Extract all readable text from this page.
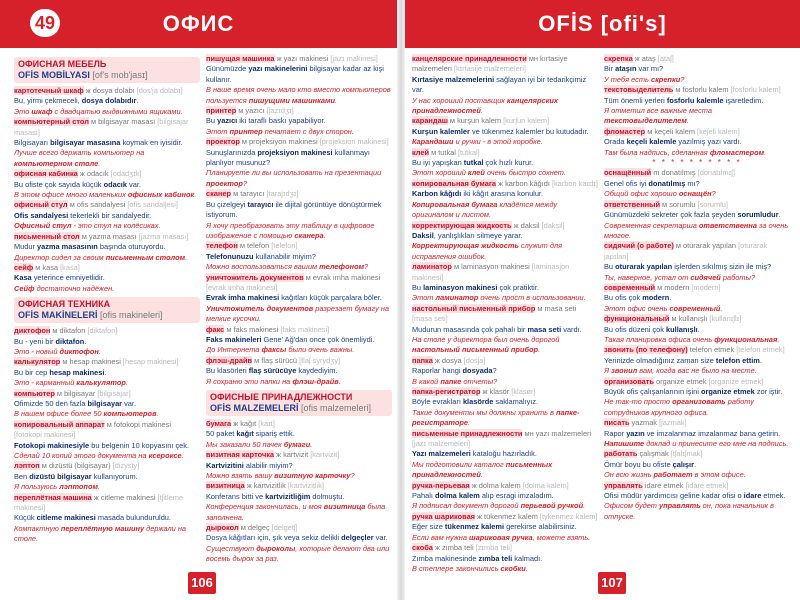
49	ОФИС	OFİS [ofi's]
ОФИСНАЯ МЕБЕЛЬ
OFİS MOBİLYASI [of's mob'jasɪ]
картотечный шкаф ж dosya dolabı [dos'ja dolabɪ]
Bu, yirmi çekmeceli, dosya dolabıdır.
Это шкаф с двадцатью выдвижными ящиками.
компьютерный стол м bilgisayar masası [bilgisajar masası]
Bilgisayarı bilgisayar masasına koymak en iyisidir.
Лучше всего держать компьютер на компьютерном столе.
офисная кабинка ж odacık [odadʒɪk]
Bu ofiste çok sayıda küçük odacık var.
В этом офисе много маленьких офисных кабинок.
офисный стул м ofis sandalyesi [ofis sandaljesi]
Ofis sandalyesi tekerlekli bir sandalyedir.
Офисный стул - это стул на колёсиках.
письменный стол м yazma masası [jazma masası]
Mudur yazma masasının başında oturuyordu.
Директор сидел за своим письменным столом.
сейф м kasa [kasa]
Kasa yeterince emniyetlidir.
Сейф достаточно надёжен.
ОФИСНАЯ ТЕХНИКА
OFİS MAKİNELERİ [ofis makineleri]
диктофон м diktafon [diktafon]
Bu - yeni bir diktafon.
Это - новый диктофон.
калькулятор м hesap makinesi [hesap makinesi]
Bu bir cep hesap makinesi.
Это - карманный калькулятор.
компьютер м bilgisayar [bilgisajar]
Ofimizde 50 den fazla bilgisayar var.
В нашем офисе более 50 компьютеров.
копировальный аппарат м fotokopi makinesi [fotokopi makinesi]
Fotokopi makinesiyle bu belgenin 10 kopyasını çek.
Сделай 10 копий этого документа на ксероксе.
лэптоп м dizüstü (bilgisayar) [dizysty]
Ben dizüstü bilgisayar kullanıyorum.
Я пользуюсь лэптопом.
переплётная машина ж citleme makinesi [tʃitleme makinesi]
Küçük citleme makinesi masada bulunduruldu.
Компактную переплётную машину держали на столе.
пишущая машинка ж yazı makinesi [jazɪ makinesi]
Günümüzde yazı makinelerini bilgisayar kadar az kişi kullanır.
В наше время очень мало кто вместо компьютеров пользуется пишущими машинками.
принтер м yazıcı [jazɪdʒɪ]
Bu yazıcı iki taraflı baskı yapabiliyor.
Этот принтер печатает с двух сторон.
проектор м projeksiyon makinesi [projeksion makinesi]
Sunuşlarınızda projeksiyon makinesi kullanmayı planlıyor musunuz?
Планируете ли вы использовать на презентации проектор?
сканер м tarayıcı [tarajɪdʒɪ]
Bu çizelgeyi tarayıcı ile dijital görüntüye dönüştürmek istiyorum.
Я хочу преобразовать эту таблицу в цифровое изображение с помощью сканера.
телефон м telefon [telefon]
Telefonunuzu kullanabilir miyim?
Можно воспользоваться вашим телефоном?
уничтожитель документов м evrak imha makinesi [evrak imha makinesi]
Evrak imha makinesi kağıtları küçük parçalara böler.
Уничтожитель документов разрезает бумагу на мелкие кусочки.
факс м faks makinesi [faks makinesi]
Faks makineleri Gene' Ağ'dan once çok önemliydi.
До Интернета факсы были очень важны.
флэш-драйв м flaş sürücü [flaʃ syrydʒy]
Bu klasörleri flaş sürücüye kaydediyim.
Я сохраню эти папки на флэш-драйв.
ОФИСНЫЕ ПРИНАДЛЕЖНОСТИ
OFİS MALZEMELERİ [ofis malzemeleri]
бумага ж kağıt [kaɪt]
50 paket kağıt sipariş ettik.
Мы заказали 50 пачек бумаги.
визитная карточка ж kartvizit [kartvizit]
Kartvizitini alabilir miyim?
Можно взять вашу визитную карточку?
визитница ж kartvizitlik [kartvizitlik]
Konferans bitti ve kartvizitliğim dolmuştu.
Конференция закончилась, и моя визитница была заполнена.
дырокол м delgeç [delgetʃ]
Dosya kâğıtları için, şık veya sekiz delikli delgeçler var.
Существуют дыроколы, которые делают два или восемь дырок за раз.
канцелярские принадлежности мн kırtasiye malzemeleri [kɪrtasije malzemeleri]
Kırtasiye malzemelerini sağlayan iyi bir tedarikçimiz var.
У нас хороший поставщик канцелярских принадлежностей.
карандаш м kurşun kalem [kurʃun kalem]
Kurşun kalemler ve tükenmez kalemler bu kutudadır.
Карандаши и ручки - в этой коробке.
клей м tutkal [tutkal]
Bu iyi yapışkan tutkal çok hızlı kurur.
Этот хороший клей очень быстро сохнет.
копировальная бумага ж karbon kâğıdı [karbon kaɪdɪ]
Karbon kâğıdı iki kâğıt arasına konulur.
Копировальная бумага кладётся между оригиналом и листом.
корректирующая жидкость ж daksil [daksil]
Daksil, yanlışlıkları silmeye yarar.
Корректирующая жидкость служит для исправления ошибок.
ламинатор м laminasyon makinesi [laminasjon makinesi]
Bu laminasyon makinesi çok pratiktir.
Этот ламинатор очень прост в использовании.
настольный письменный прибор м masa seti [masa seti]
Mudurun masasında çok pahalı bir masa seti vardı.
На столе у директора был очень дорогой настольный письменный прибор.
папка ж dosya [dosja]
Raporlar hangi dosyada?
В какой папке отчеты?
папка-регистратор ж klasör [klasør]
Böyle evrakları klasörde saklamalıyız.
Такие документы мы должны хранить в папке-регистраторе.
письменные принадлежности мн yazı malzemeleri [jazɪ malzemeleri]
Yazı malzemeleri kataloğu hazırladık.
Мы подготовили каталог письменных принадлежностей.
ручка-перьевая ж dolma kalem [dolma kalem]
Pahalı dolma kalem alıp esragi imzaladım.
Я подписал документ дорогой перьевой ручкой.
ручка шариковая ж tükenmez kalem [tykenmez kalem]
Eğer size tükenmez kalemi gerekirse alabilirsiniz.
Если вам нужна шариковая ручка, можете взять.
скоба ж zımba teli [zɪmba teli]
Zımba makinesinde zımba teli kalmadı.
В степлере закончились скобки.
скрепка ж ataş [ataʃ]
Bir ataşın var mı?
У тебя есть скрепки?
текстовыделитель м fosforlu kalem [fosforlu kalem]
Tüm önemli yerleri fosforlu kalemle işaretledim.
Я отметил все важные места текстовыделителем.
фломастер м keçeli kalem [keʃeli kalem]
Orada keçeli kalemle yazılmış yazı vardı.
Там была надпись, сделанная фломастером.
* * * * * * * * * *
оснащённый m donatılmış [donatɪlmɪʃ]
Genel ofis iyi donatılmış mı?
Общий офис хорошо оснащён?
ответственный м sorumlu [sorumlu]
Günümüzdeki sekreter çok fazla şeyden sorumludur.
Современная секретарша ответственна за очень многое.
сидячий (о работе) м oturarak yapılan [oturarak japɪlan]
Bu oturarak yapılan işlerden sıkılmış sizin ile miş?
Ты, наверное, устал от сидячей работы?
современный м modern [modern]
Bu ofis çok modern.
Этот офис очень современный.
функциональный м kullanışlı [kullanɪʃlɪ]
Bu ofis düzeni çok kullanışlı.
Такая планировка офиса очень функциональная.
звонить (по телефону) telefon etmek [telefon etmek]
Yerinizde olmadığınız zaman size telefon ettim.
Я звонил вам, когда вас не было на месте.
организовать organize etmek [organize etmek]
Büyük ofis çalışanlarının işini organize etmek zor iştir.
Не так-то просто организовать работу сотрудников крупного офиса.
писать yazmak [jazmak]
Rapor yazın ve imzalanmaz imzalanmaz bana getirin.
Напишите доклад и принесите его мне на подпись.
работать çalışmak [tʃalɪʃmak]
Ömür boyu bu ofiste çalışır.
Он всю жизнь работает в этом офисе.
управлять idare etmek [idare etmek]
Ofisi müdür yardımcısı geline kadar ofisi o idare etmek.
Офисом будет управлять он, пока начальник в отпуске.
106	107
